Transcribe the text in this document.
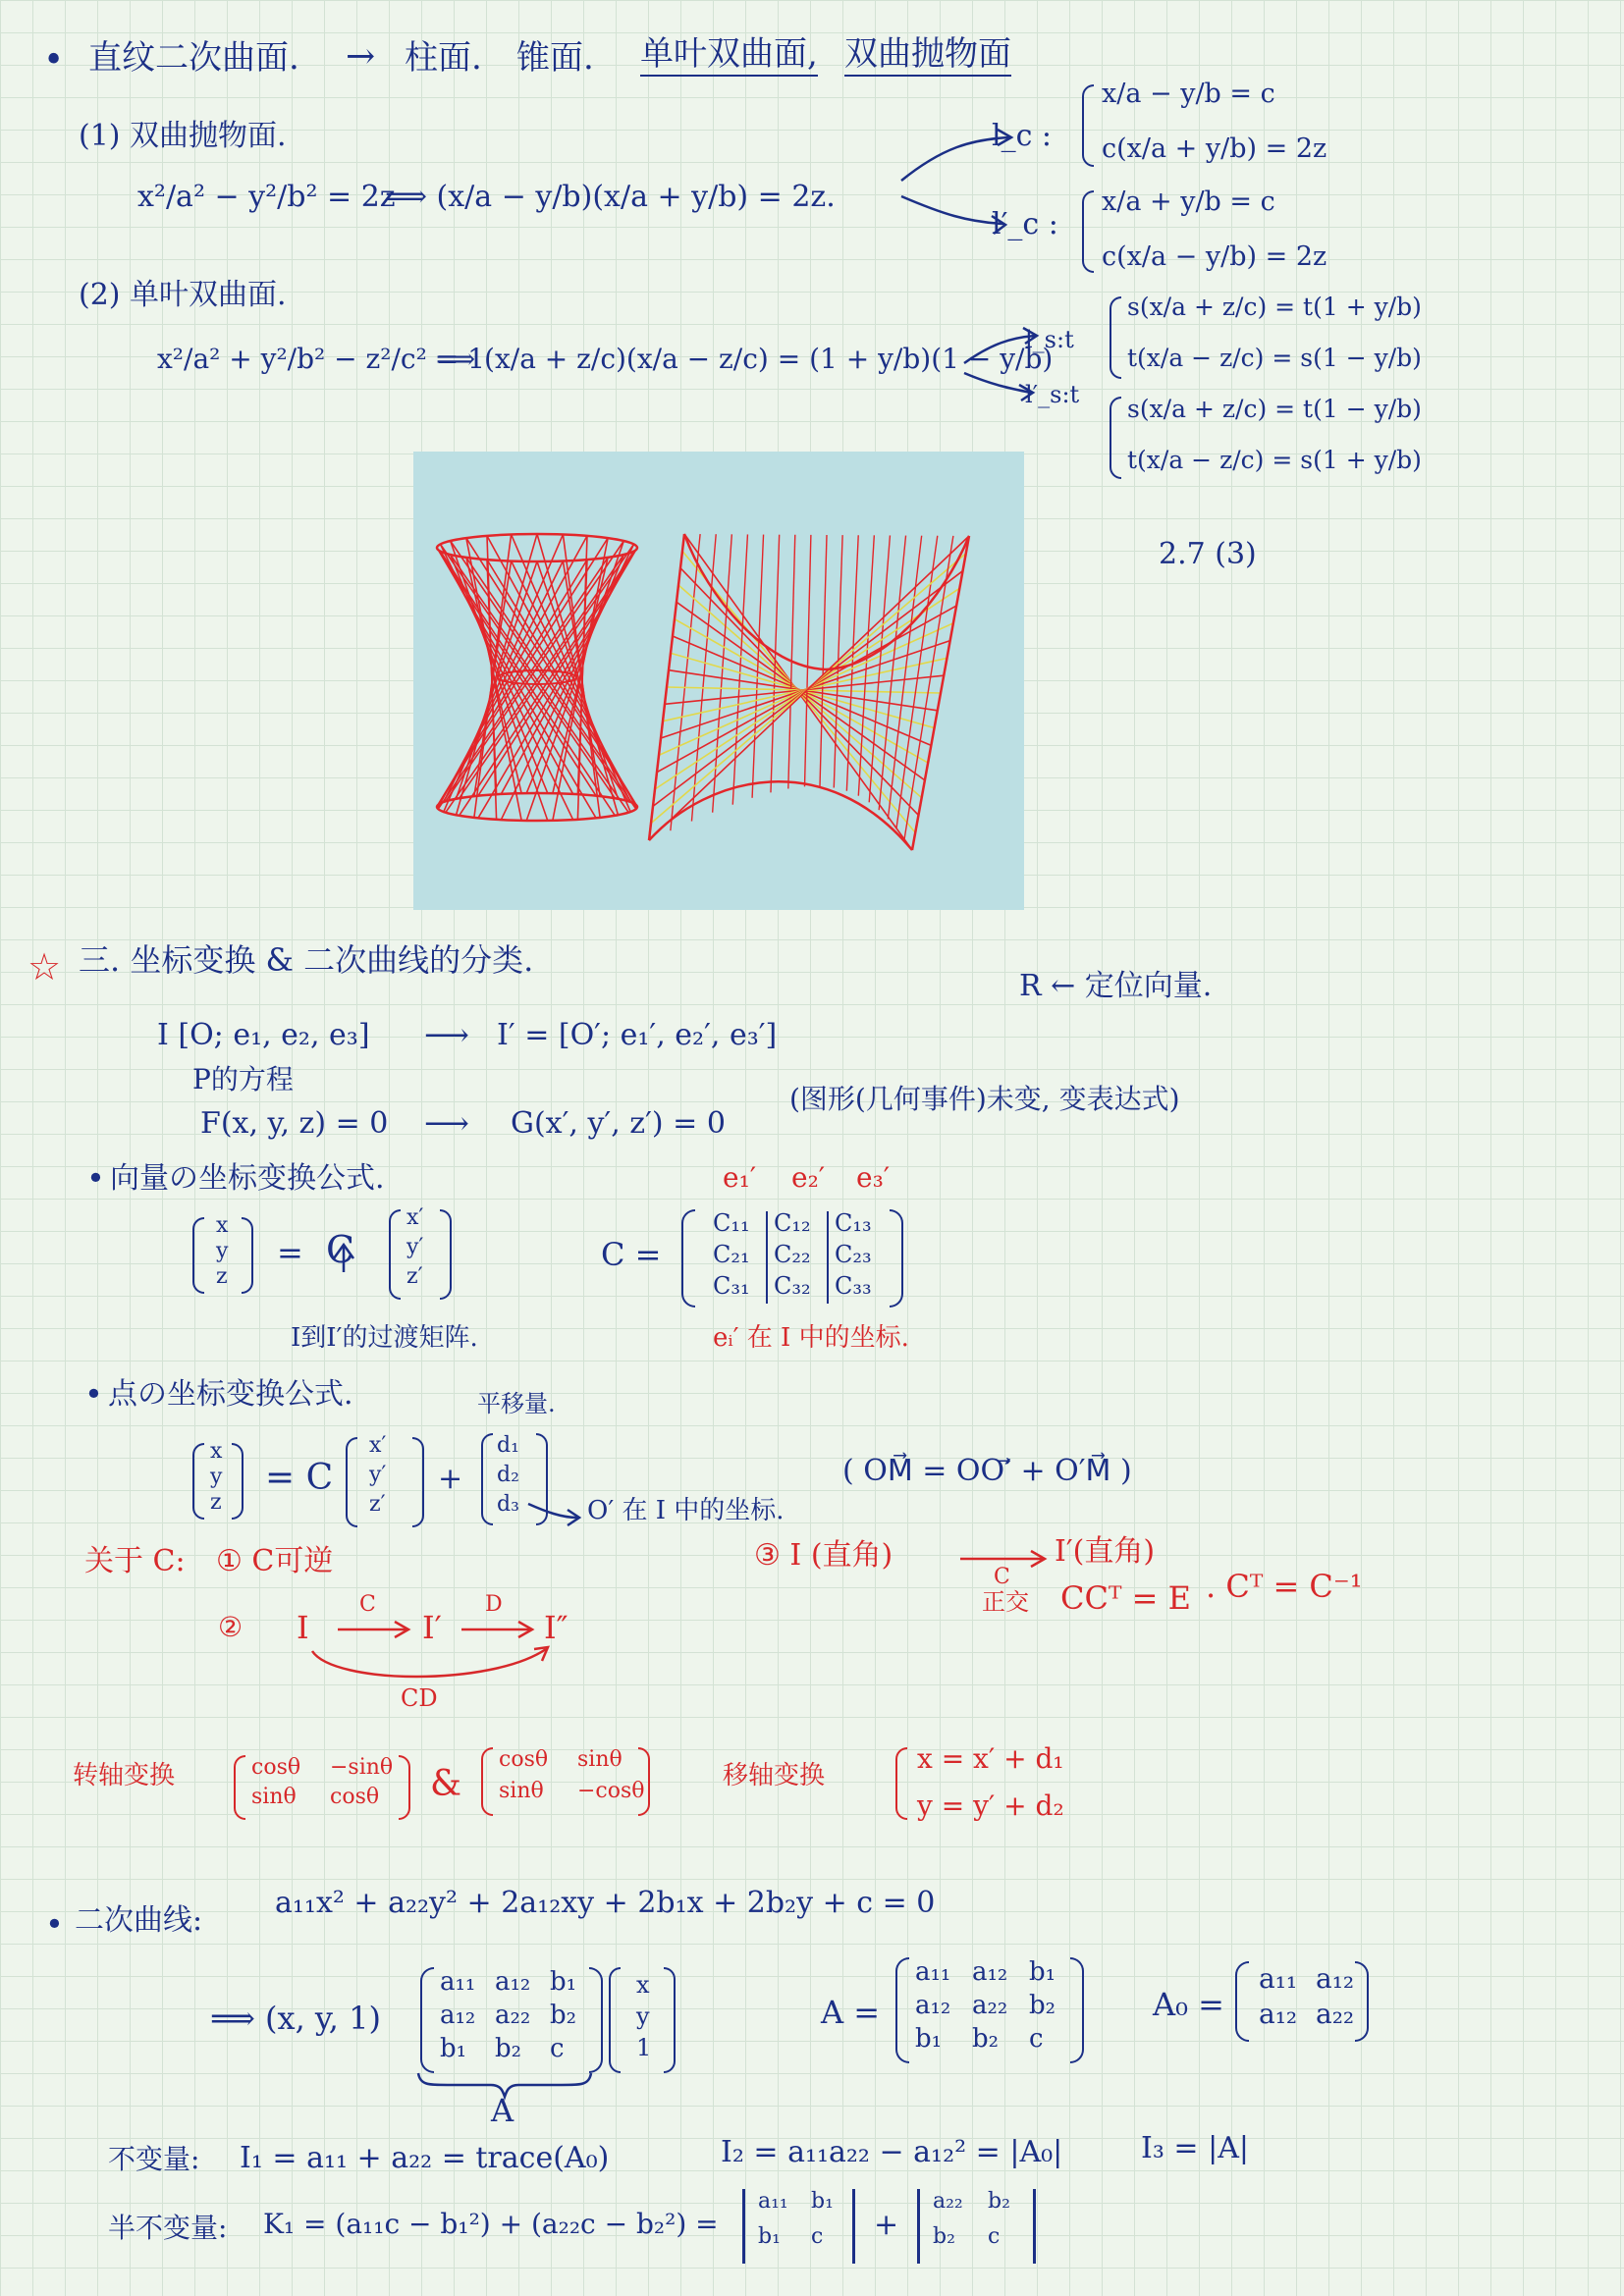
• 直纹二次曲面. → 柱面. 锥面. 单叶双曲面, 双曲抛物面
(1) 双曲抛物面.
x²/a² − y²/b² = 2z
⟹ (x/a − y/b)(x/a + y/b) = 2z.
l_c :
x/a − y/b = c
c(x/a + y/b) = 2z
l′_c :
x/a + y/b = c
c(x/a − y/b) = 2z
(2) 单叶双曲面.
x²/a² + y²/b² − z²/c² = 1
⟹ (x/a + z/c)(x/a − z/c) = (1 + y/b)(1 − y/b)
l_s:t
l′_s:t
s(x/a + z/c) = t(1 + y/b)
t(x/a − z/c) = s(1 − y/b)
s(x/a + z/c) = t(1 − y/b)
t(x/a − z/c) = s(1 + y/b)
2.7 (3)
☆ 三. 坐标变换 & 二次曲线的分类.
R ← 定位向量.
I [O; e₁, e₂, e₃] ⟶ I′ = [O′; e₁′, e₂′, e₃′]
P的方程
F(x, y, z) = 0 ⟶ G(x′, y′, z′) = 0
(图形(几何事件)未变, 变表达式)
• 向量の坐标变换公式.
x
y
z
= C
x′
y′
z′
I到I′的过渡矩阵.
C =
e₁′ e₂′ e₃′
C₁₁ C₁₂ C₁₃
C₂₁ C₂₂ C₂₃
C₃₁ C₃₂ C₃₃
eᵢ′ 在 I 中的坐标.
• 点の坐标变换公式.	平移量.
x
y
z
= C
x′
y′
z′
+
d₁
d₂
d₃	O′ 在 I 中的坐标.
( OM⃗ = OO′⃗ + O′M⃗ )
关于 C: ① C可逆
② I
C
I′
D
I″
CD
③ I (直角)
C
I′(直角)
正交 CCᵀ = E . Cᵀ = C⁻¹
转轴变换	cosθ −sinθ
sinθ cosθ &
cosθ sinθ
sinθ −cosθ
移轴变换
x = x′ + d₁
y = y′ + d₂
• 二次曲线:
a₁₁x² + a₂₂y² + 2a₁₂xy + 2b₁x + 2b₂y + c = 0
⟹ (x, y, 1)
a₁₁ a₁₂ b₁
a₁₂ a₂₂ b₂
b₁ b₂ c
x
y
1
A
A =
a₁₁ a₁₂ b₁
a₁₂ a₂₂ b₂
b₁ b₂ c
A₀ =
a₁₁ a₁₂
a₁₂ a₂₂
不变量: I₁ = a₁₁ + a₂₂ = trace(A₀)	I₂ = a₁₁a₂₂ − a₁₂² = |A₀|	I₃ = |A|
半不变量: K₁ = (a₁₁c − b₁²) + (a₂₂c − b₂²) =
a₁₁ b₁
b₁ c +
a₂₂ b₂
b₂ c
